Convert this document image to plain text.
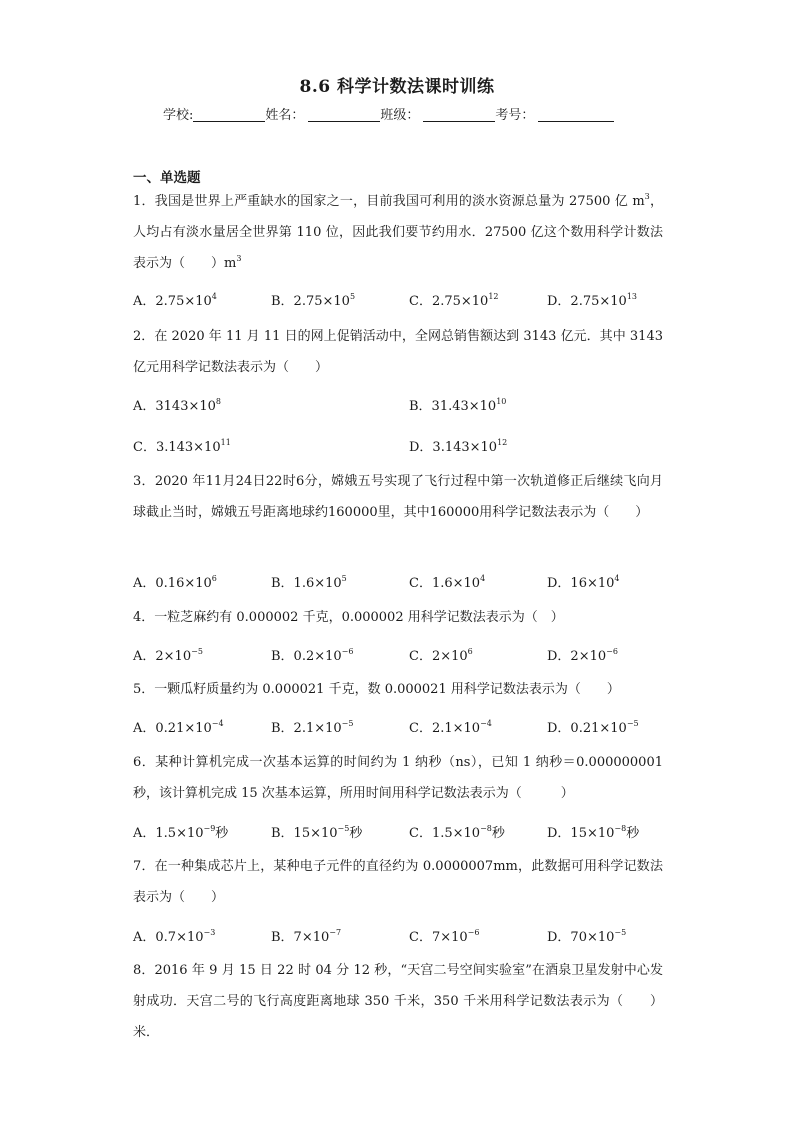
8.6 科学计数法课时训练
学校:	姓名：	班级：	考号：
一、单选题
1．我国是世界上严重缺水的国家之一，目前我国可利用的淡水资源总量为 27500 亿 $m^3$，人均占有淡水量居全世界第 110 位，因此我们要节约用水．27500 亿这个数用科学计数法表示为（　　）$m^3$
A．$2.75\times 10^4$	B．$2.75\times 10^5$	C．$2.75\times 10^{12}$	D．$2.75\times 10^{13}$
2．在 2020 年 11 月 11 日的网上促销活动中，全网总销售额达到 3143 亿元．其中 3143 亿元用科学记数法表示为（　　）
A．$3143\times 10^8$	B．$31.43\times 10^{10}$
C．$3.143\times 10^{11}$	D．$3.143\times 10^{12}$
3．2020 年11月24日22时6分，嫦娥五号实现了飞行过程中第一次轨道修正后继续飞向月球截止当时，嫦娥五号距离地球约160000里，其中160000用科学记数法表示为（　　）
A．$0.16\times 10^6$	B．$1.6\times 10^5$	C．$1.6\times 10^4$	D．$16\times 10^4$
4．一粒芝麻约有 0.000002 千克，0.000002 用科学记数法表示为（　）
A．$2\times 10^{-5}$	B．$0.2\times 10^{-6}$	C．$2\times 10^6$	D．$2\times 10^{-6}$
5．一颗瓜籽质量约为 0.000021 千克，数 0.000021 用科学记数法表示为（　　）
A．$0.21\times 10^{-4}$	B．$2.1\times 10^{-5}$	C．$2.1\times 10^{-4}$	D．$0.21\times 10^{-5}$
6．某种计算机完成一次基本运算的时间约为 1 纳秒（ns），已知 1 纳秒＝0.000000001 秒，该计算机完成 15 次基本运算，所用时间用科学记数法表示为（　　　）
A．$1.5\times 10^{-9}$秒	B．$15\times 10^{-5}$秒	C．$1.5\times 10^{-8}$秒	D．$15\times 10^{-8}$秒
7．在一种集成芯片上，某种电子元件的直径约为 0.0000007mm，此数据可用科学记数法表示为（　　）
A．$0.7\times 10^{-3}$	B．$7\times 10^{-7}$	C．$7\times 10^{-6}$	D．$70\times 10^{-5}$
8．2016 年 9 月 15 日 22 时 04 分 12 秒，“天宫二号空间实验室”在酒泉卫星发射中心发射成功．天宫二号的飞行高度距离地球 350 千米，350 千米用科学记数法表示为（　　）米．
